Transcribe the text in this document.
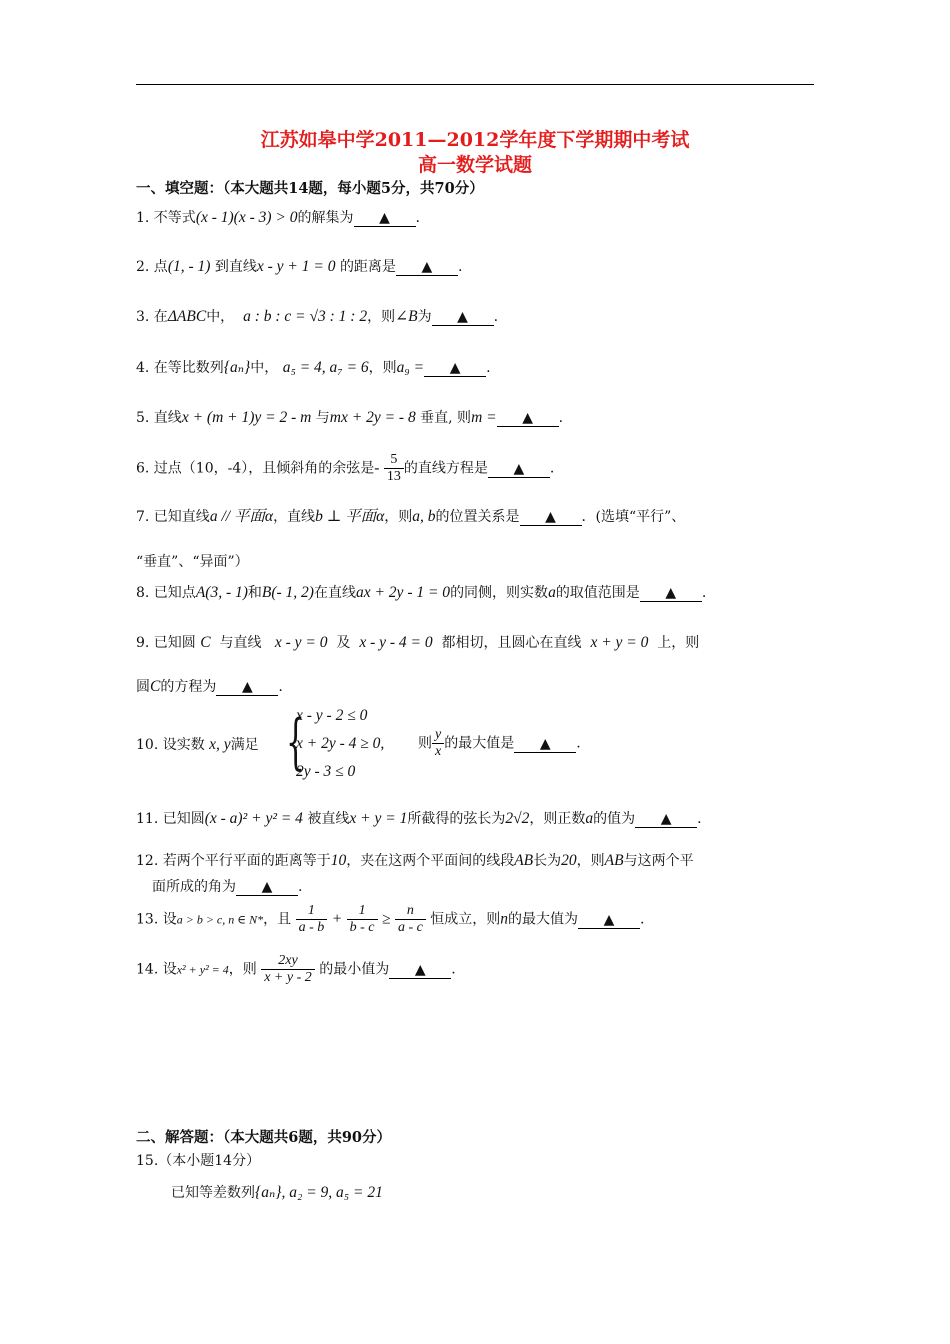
江苏如皋中学2011—2012学年度下学期期中考试
高一数学试题
一、填空题：（本大题共14题，每小题5分，共70分）
1. 不等式(x - 1)(x - 3) > 0的解集为 ▲ .
2. 点(1, - 1) 到直线x - y + 1 = 0 的距离是 ▲ .
3. 在ΔABC中， a : b : c = √3 : 1 : 2，则∠B为 ▲ .
4. 在等比数列{aₙ}中， a₅ = 4, a₇ = 6，则a₉ = ▲ .
5. 直线x + (m + 1)y = 2 - m 与mx + 2y = - 8 垂直, 则m = ▲ .
6. 过点（10，-4），且倾斜角的余弦是- $\frac{5}{13}$ 的直线方程是 ▲ .
7. 已知直线a // 平面α，直线b ⊥ 平面α，则a, b的位置关系是 ▲ ．(选填“平行”、
“垂直”、“异面”）
8. 已知点A(3, - 1)和B(- 1, 2)在直线ax + 2y - 1 = 0的同侧，则实数a的取值范围是 ▲ .
9. 已知圆 C 与直线 x - y = 0 及 x - y - 4 = 0 都相切，且圆心在直线 x + y = 0 上，则
圆C的方程为 ▲ .
10. 设实数 x, y满足 {
x - y - 2 ≤ 0
x + 2y - 4 ≥ 0,
2y - 3 ≤ 0
则 $\frac{y}{x}$ 的最大值是 ▲ .
11. 已知圆(x - a)² + y² = 4 被直线x + y = 1所截得的弦长为2√2，则正数a的值为 ▲ .
12. 若两个平行平面的距离等于10，夹在这两个平面间的线段AB长为20，则AB与这两个平
面所成的角为 ▲ .
13. 设a > b > c, n ∈ N*，且 $\frac{1}{a - b} + \frac{1}{b - c} \ge \frac{n}{a - c}$ 恒成立，则n的最大值为 ▲ .
14. 设x² + y² = 4，则 $\frac{2xy}{x + y - 2}$ 的最小值为 ▲ .
二、解答题：（本大题共6题，共90分）
15.（本小题14分）
已知等差数列{aₙ}, a₂ = 9, a₅ = 21
